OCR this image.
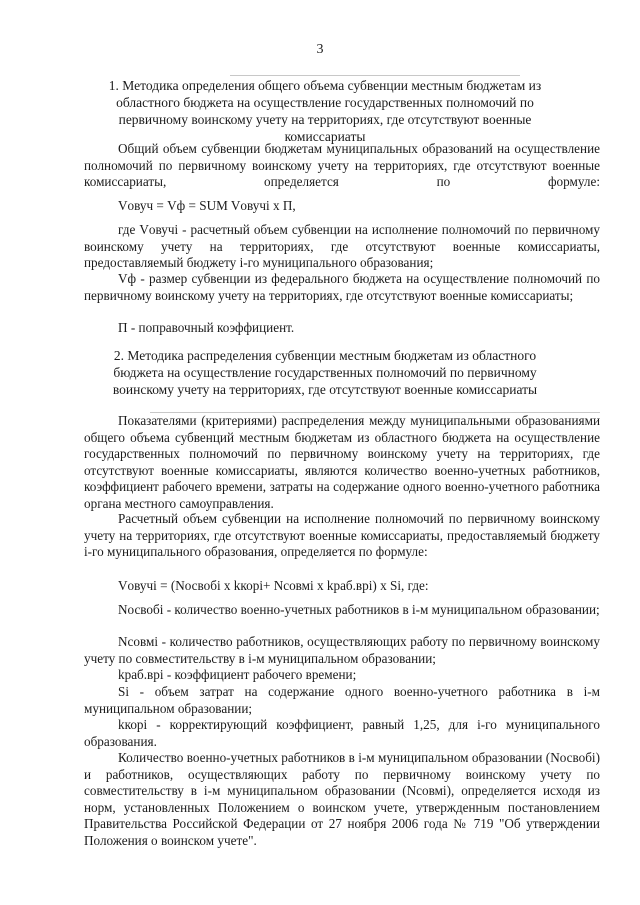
3
1. Методика определения общего объема субвенции местным бюджетам из областного бюджета на осуществление государственных полномочий по первичному воинскому учету на территориях, где отсутствуют военные комиссариаты

Общий объем субвенции бюджетам муниципальных образований на осуществление полномочий по первичному воинскому учету на территориях, где отсутствуют военные комиссариаты, определяется по формуле:

Vовуч = Vф = SUM Vовучі х П,

где Vовучі - расчетный объем субвенции на исполнение полномочий по первичному воинскому учету на территориях, где отсутствуют военные комиссариаты, предоставляемый бюджету і-го муниципального образования;

Vф - размер субвенции из федерального бюджета на осуществление полномочий по первичному воинскому учету на территориях, где отсутствуют военные комиссариаты;

П - поправочный коэффициент.

2. Методика распределения субвенции местным бюджетам из областного бюджета на осуществление государственных полномочий по первичному воинскому учету на территориях, где отсутствуют военные комиссариаты

Показателями (критериями) распределения между муниципальными образованиями общего объема субвенций местным бюджетам из областного бюджета на осуществление государственных полномочий по первичному воинскому учету на территориях, где отсутствуют военные комиссариаты, являются количество военно-учетных работников, коэффициент рабочего времени, затраты на содержание одного военно-учетного работника органа местного самоуправления.

Расчетный объем субвенции на исполнение полномочий по первичному воинскому учету на территориях, где отсутствуют военные комиссариаты, предоставляемый бюджету і-го муниципального образования, определяется по формуле:

Vовучі = (Nосвобі х kкорі+ Nсовмі х kраб.врі) х Si, где:

Nосвобі - количество военно-учетных работников в і-м муниципальном образовании;

Nсовмі - количество работников, осуществляющих работу по первичному воинскому учету по совместительству в і-м муниципальном образовании;

kраб.врі - коэффициент рабочего времени;

Si - объем затрат на содержание одного военно-учетного работника в і-м муниципальном образовании;

kкорі - корректирующий коэффициент, равный 1,25, для і-го муниципального образования.

Количество военно-учетных работников в і-м муниципальном образовании (Nосвобі) и работников, осуществляющих работу по первичному воинскому учету по совместительству в і-м муниципальном образовании (Nсовмі), определяется исходя из норм, установленных Положением о воинском учете, утвержденным постановлением Правительства Российской Федерации от 27 ноября 2006 года № 719 "Об утверждении Положения о воинском учете".
